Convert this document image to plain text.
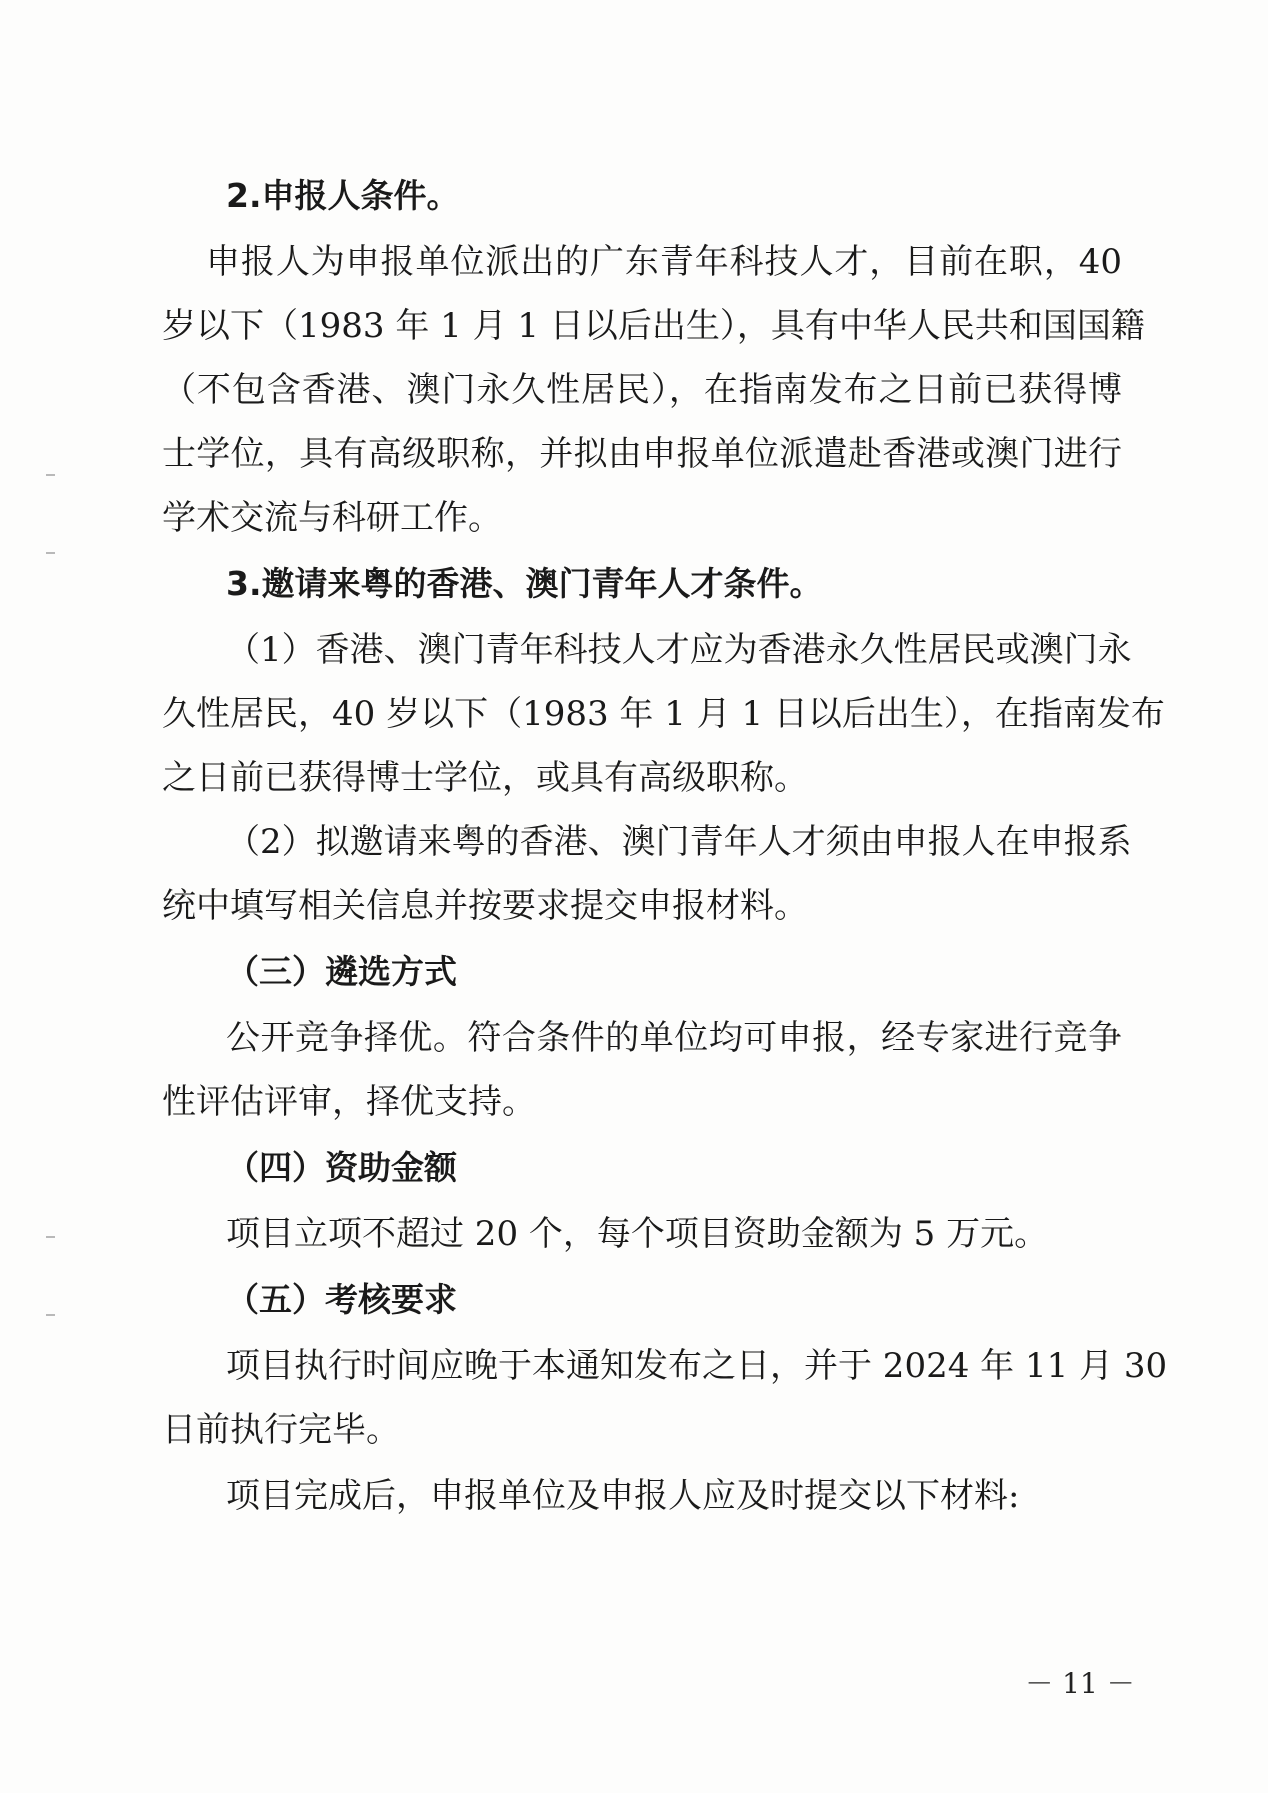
2.申报人条件。
申报人为申报单位派出的广东青年科技人才，目前在职，40
岁以下（1983 年 1 月 1 日以后出生），具有中华人民共和国国籍
（不包含香港、澳门永久性居民），在指南发布之日前已获得博
士学位，具有高级职称，并拟由申报单位派遣赴香港或澳门进行
学术交流与科研工作。
3.邀请来粤的香港、澳门青年人才条件。
（1）香港、澳门青年科技人才应为香港永久性居民或澳门永
久性居民，40 岁以下（1983 年 1 月 1 日以后出生），在指南发布
之日前已获得博士学位，或具有高级职称。
（2）拟邀请来粤的香港、澳门青年人才须由申报人在申报系
统中填写相关信息并按要求提交申报材料。
（三）遴选方式
公开竞争择优。符合条件的单位均可申报，经专家进行竞争
性评估评审，择优支持。
（四）资助金额
项目立项不超过 20 个，每个项目资助金额为 5 万元。
（五）考核要求
项目执行时间应晚于本通知发布之日，并于 2024 年 11 月 30
日前执行完毕。
项目完成后，申报单位及申报人应及时提交以下材料:
－ 11 －
